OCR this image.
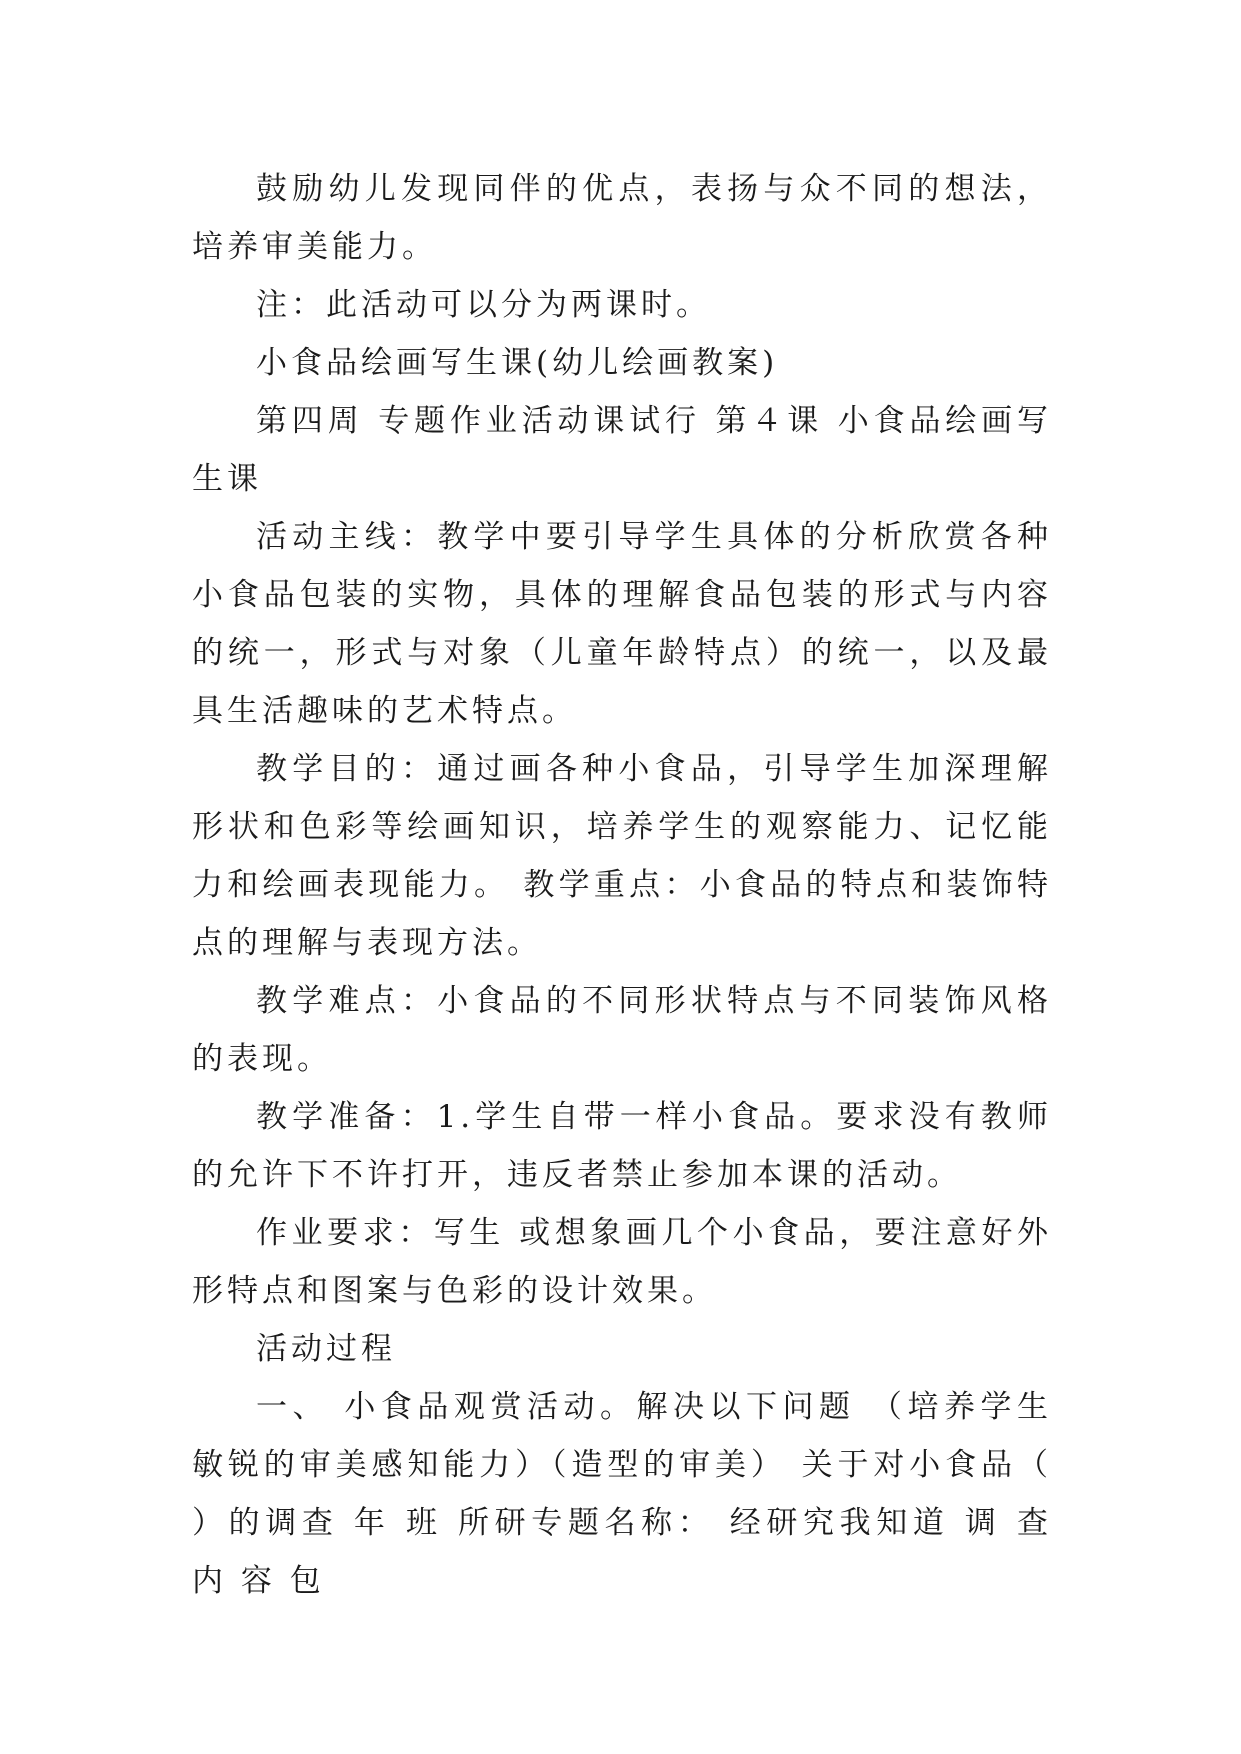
鼓励幼儿发现同伴的优点，表扬与众不同的想法，培养审美能力。

注：此活动可以分为两课时。

小食品绘画写生课(幼儿绘画教案)

第四周 专题作业活动课试行 第４课 小食品绘画写生课

活动主线：教学中要引导学生具体的分析欣赏各种小食品包装的实物，具体的理解食品包装的形式与内容的统一，形式与对象（儿童年龄特点）的统一，以及最具生活趣味的艺术特点。

教学目的：通过画各种小食品，引导学生加深理解形状和色彩等绘画知识，培养学生的观察能力、记忆能力和绘画表现能力。 教学重点：小食品的特点和装饰特点的理解与表现方法。

教学难点：小食品的不同形状特点与不同装饰风格的表现。

教学准备：1.学生自带一样小食品。要求没有教师的允许下不许打开，违反者禁止参加本课的活动。

作业要求：写生 或想象画几个小食品，要注意好外形特点和图案与色彩的设计效果。

活动过程

一、 小食品观赏活动。解决以下问题 （培养学生敏锐的审美感知能力）（造型的审美） 关于对小食品（ ）的调查 年 班 所研专题名称： 经研究我知道 调 查 内 容 包
